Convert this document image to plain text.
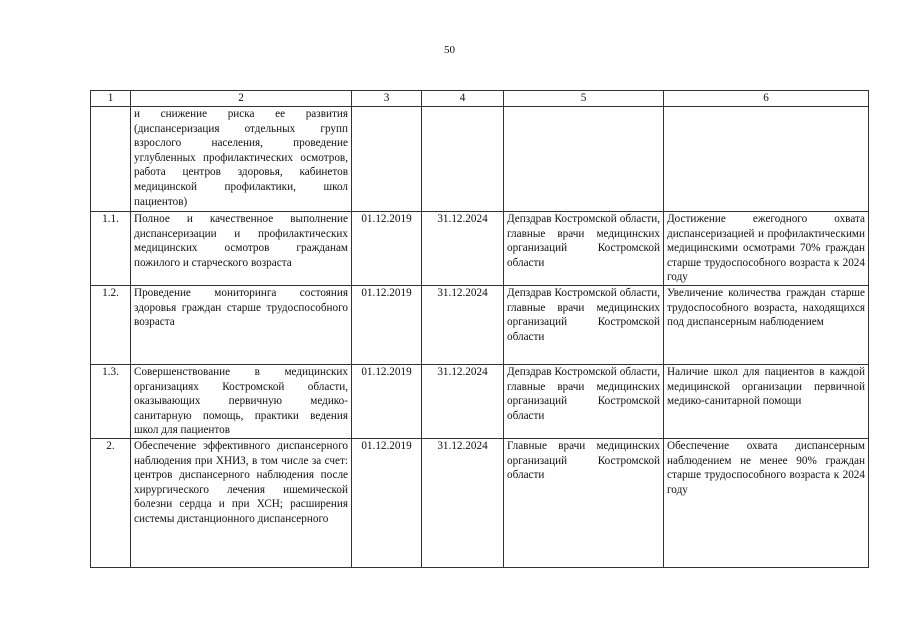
50
1	2	3	4	5	6
	и снижение риска ее развития (диспансеризация отдельных групп взрослого населения, проведение углубленных профилактических осмотров, работа центров здоровья, кабинетов медицинской профилактики, школ пациентов)				
1.1.	Полное и качественное выполнение диспансеризации и профилактических медицинских осмотров гражданам пожилого и старческого возраста	01.12.2019	31.12.2024	Депздрав Костромской области, главные врачи медицинских организаций Костромской области	Достижение ежегодного охвата диспансеризацией и профилактическими медицинскими осмотрами 70% граждан старше трудоспособного возраста к 2024 году
1.2.	Проведение мониторинга состояния здоровья граждан старше трудоспособного возраста	01.12.2019	31.12.2024	Депздрав Костромской области, главные врачи медицинских организаций Костромской области	Увеличение количества граждан старше трудоспособного возраста, находящихся под диспансерным наблюдением
1.3.	Совершенствование в медицинских организациях Костромской области, оказывающих первичную медико-санитарную помощь, практики ведения школ для пациентов	01.12.2019	31.12.2024	Депздрав Костромской области, главные врачи медицинских организаций Костромской области	Наличие школ для пациентов в каждой медицинской организации первичной медико-санитарной помощи
2.	Обеспечение эффективного диспансерного наблюдения при ХНИЗ, в том числе за счет: центров диспансерного наблюдения после хирургического лечения ишемической болезни сердца и при ХСН; расширения системы дистанционного диспансерного	01.12.2019	31.12.2024	Главные врачи медицинских организаций Костромской области	Обеспечение охвата диспансерным наблюдением не менее 90% граждан старше трудоспособного возраста к 2024 году
